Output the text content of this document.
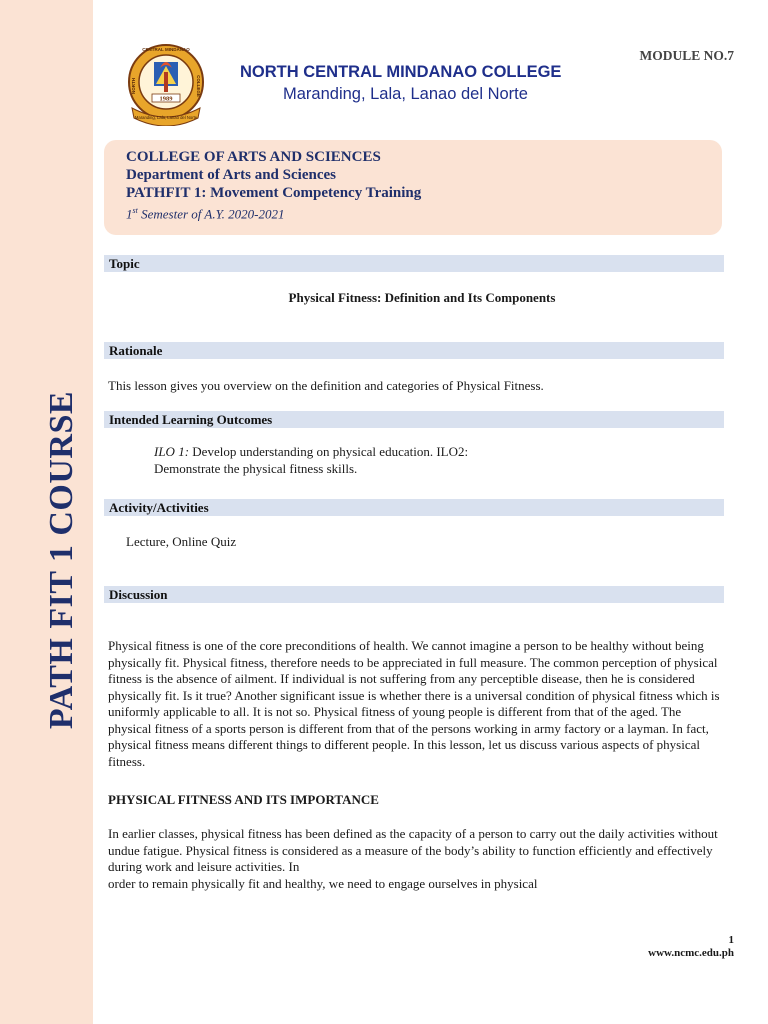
PATH FIT 1 COURSE
1989
Maranding, Lala, Lanao del Norte
CENTRAL MINDANAO
NORTH	COLLEGE
MODULE NO.7
NORTH CENTRAL MINDANAO COLLEGE
Maranding, Lala, Lanao del Norte
COLLEGE OF ARTS AND SCIENCES
Department of Arts and Sciences
PATHFIT 1: Movement Competency Training
1st Semester of A.Y. 2020-2021
Topic
Physical Fitness: Definition and Its Components
Rationale
This lesson gives you overview on the definition and categories of Physical Fitness.
Intended Learning Outcomes
ILO 1: Develop understanding on physical education. ILO2: Demonstrate the physical fitness skills.
Activity/Activities
Lecture, Online Quiz
Discussion
Physical fitness is one of the core preconditions of health. We cannot imagine a person to be healthy without being physically fit. Physical fitness, therefore needs to be appreciated in full measure. The common perception of physical fitness is the absence of ailment. If individual is not suffering from any perceptible disease, then he is considered physically fit. Is it true? Another significant issue is whether there is a universal condition of physical fitness which is uniformly applicable to all. It is not so. Physical fitness of young people is different from that of the aged. The physical fitness of a sports person is different from that of the persons working in army factory or a layman. In fact, physical fitness means different things to different people. In this lesson, let us discuss various aspects of physical fitness.
PHYSICAL FITNESS AND ITS IMPORTANCE
In earlier classes, physical fitness has been defined as the capacity of a person to carry out the daily activities without undue fatigue. Physical fitness is considered as a measure of the body’s ability to function efficiently and effectively during work and leisure activities. In
order to remain physically fit and healthy, we need to engage ourselves in physical
1
www.ncmc.edu.ph
